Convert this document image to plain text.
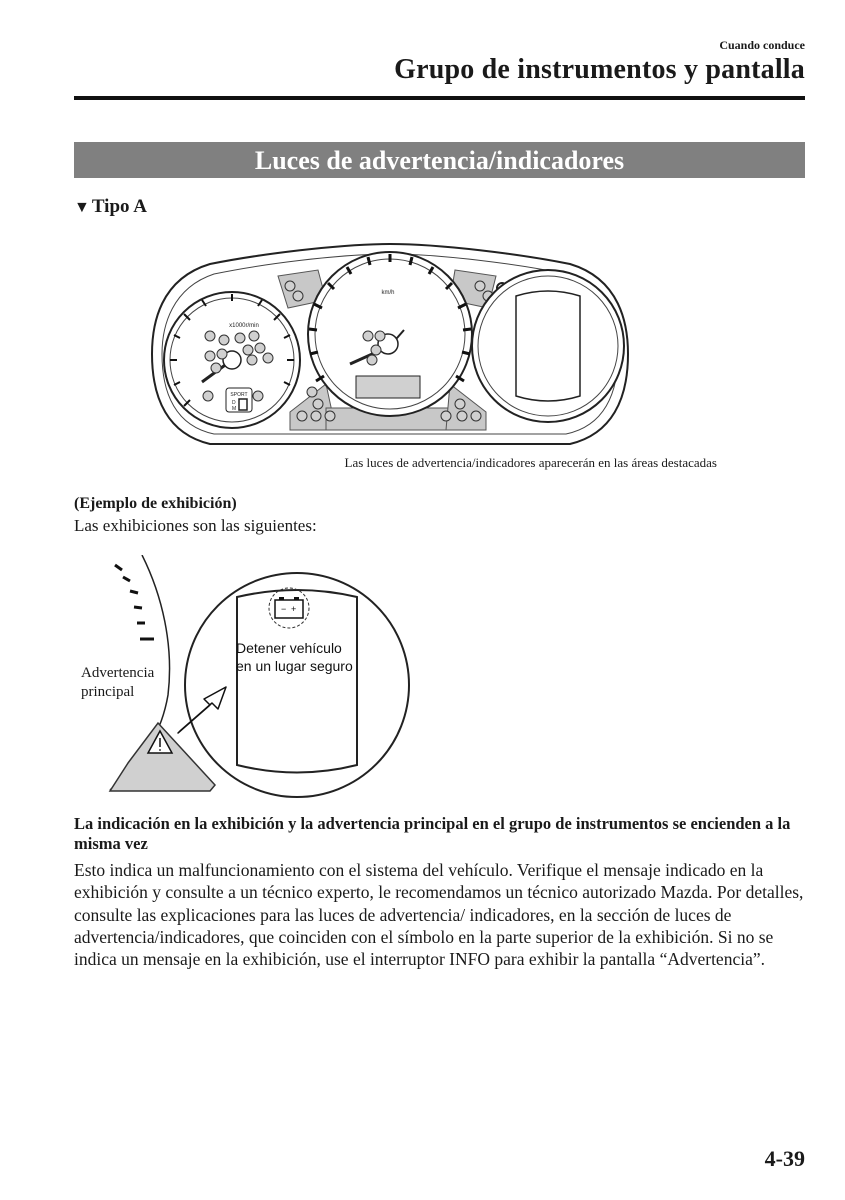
Cuando conduce
Grupo de instrumentos y pantalla
Luces de advertencia/indicadores
▼ Tipo A
x1000r/min
SPORT
D
M
km/h
Las luces de advertencia/indicadores aparecerán en las áreas destacadas
(Ejemplo de exhibición)
Las exhibiciones son las siguientes:
− +
Detener vehículo
en un lugar seguro
Advertencia
principal
La indicación en la exhibición y la advertencia principal en el grupo de instrumentos se encienden a la misma vez
Esto indica un malfuncionamiento con el sistema del vehículo. Verifique el mensaje indicado en la exhibición y consulte a un técnico experto, le recomendamos un técnico autorizado Mazda. Por detalles, consulte las explicaciones para las luces de advertencia/ indicadores, en la sección de luces de advertencia/indicadores, que coinciden con el símbolo en la parte superior de la exhibición. Si no se indica un mensaje en la exhibición, use el interruptor INFO para exhibir la pantalla “Advertencia”.
4-39
